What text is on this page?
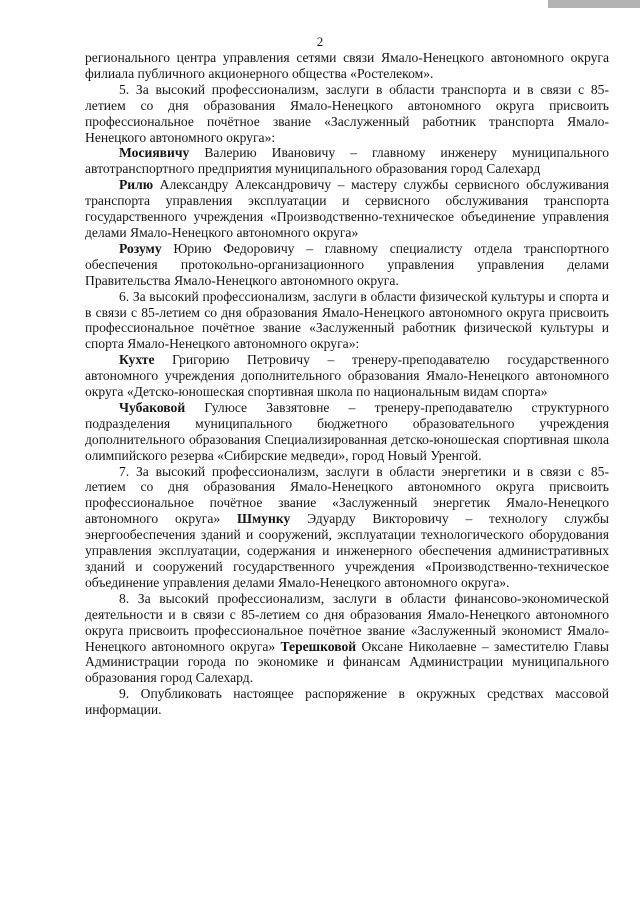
2

регионального центра управления сетями связи Ямало-Ненецкого автономного округа филиала публичного акционерного общества «Ростелеком».

5. За высокий профессионализм, заслуги в области транспорта и в связи с 85-летием со дня образования Ямало-Ненецкого автономного округа присвоить профессиональное почётное звание «Заслуженный работник транспорта Ямало-Ненецкого автономного округа»:

Мосиявичу Валерию Ивановичу – главному инженеру муниципального автотранспортного предприятия муниципального образования город Салехард

Рилю Александру Александровичу – мастеру службы сервисного обслуживания транспорта управления эксплуатации и сервисного обслуживания транспорта государственного учреждения «Производственно-техническое объединение управления делами Ямало-Ненецкого автономного округа»

Розуму Юрию Федоровичу – главному специалисту отдела транспортного обеспечения протокольно-организационного управления управления делами Правительства Ямало-Ненецкого автономного округа.

6. За высокий профессионализм, заслуги в области физической культуры и спорта и в связи с 85-летием со дня образования Ямало-Ненецкого автономного округа присвоить профессиональное почётное звание «Заслуженный работник физической культуры и спорта Ямало-Ненецкого автономного округа»:

Кухте Григорию Петровичу – тренеру-преподавателю государственного автономного учреждения дополнительного образования Ямало-Ненецкого автономного округа «Детско-юношеская спортивная школа по национальным видам спорта»

Чубаковой Гулюсе Завзятовне – тренеру-преподавателю структурного подразделения муниципального бюджетного образовательного учреждения дополнительного образования Специализированная детско-юношеская спортивная школа олимпийского резерва «Сибирские медведи», город Новый Уренгой.

7. За высокий профессионализм, заслуги в области энергетики и в связи с 85-летием со дня образования Ямало-Ненецкого автономного округа присвоить профессиональное почётное звание «Заслуженный энергетик Ямало-Ненецкого автономного округа» Шмунку Эдуарду Викторовичу – технологу службы энергообеспечения зданий и сооружений, эксплуатации технологического оборудования управления эксплуатации, содержания и инженерного обеспечения административных зданий и сооружений государственного учреждения «Производственно-техническое объединение управления делами Ямало-Ненецкого автономного округа».

8. За высокий профессионализм, заслуги в области финансово-экономической деятельности и в связи с 85-летием со дня образования Ямало-Ненецкого автономного округа присвоить профессиональное почётное звание «Заслуженный экономист Ямало-Ненецкого автономного округа» Терешковой Оксане Николаевне – заместителю Главы Администрации города по экономике и финансам Администрации муниципального образования город Салехард.

9. Опубликовать настоящее распоряжение в окружных средствах массовой информации.
